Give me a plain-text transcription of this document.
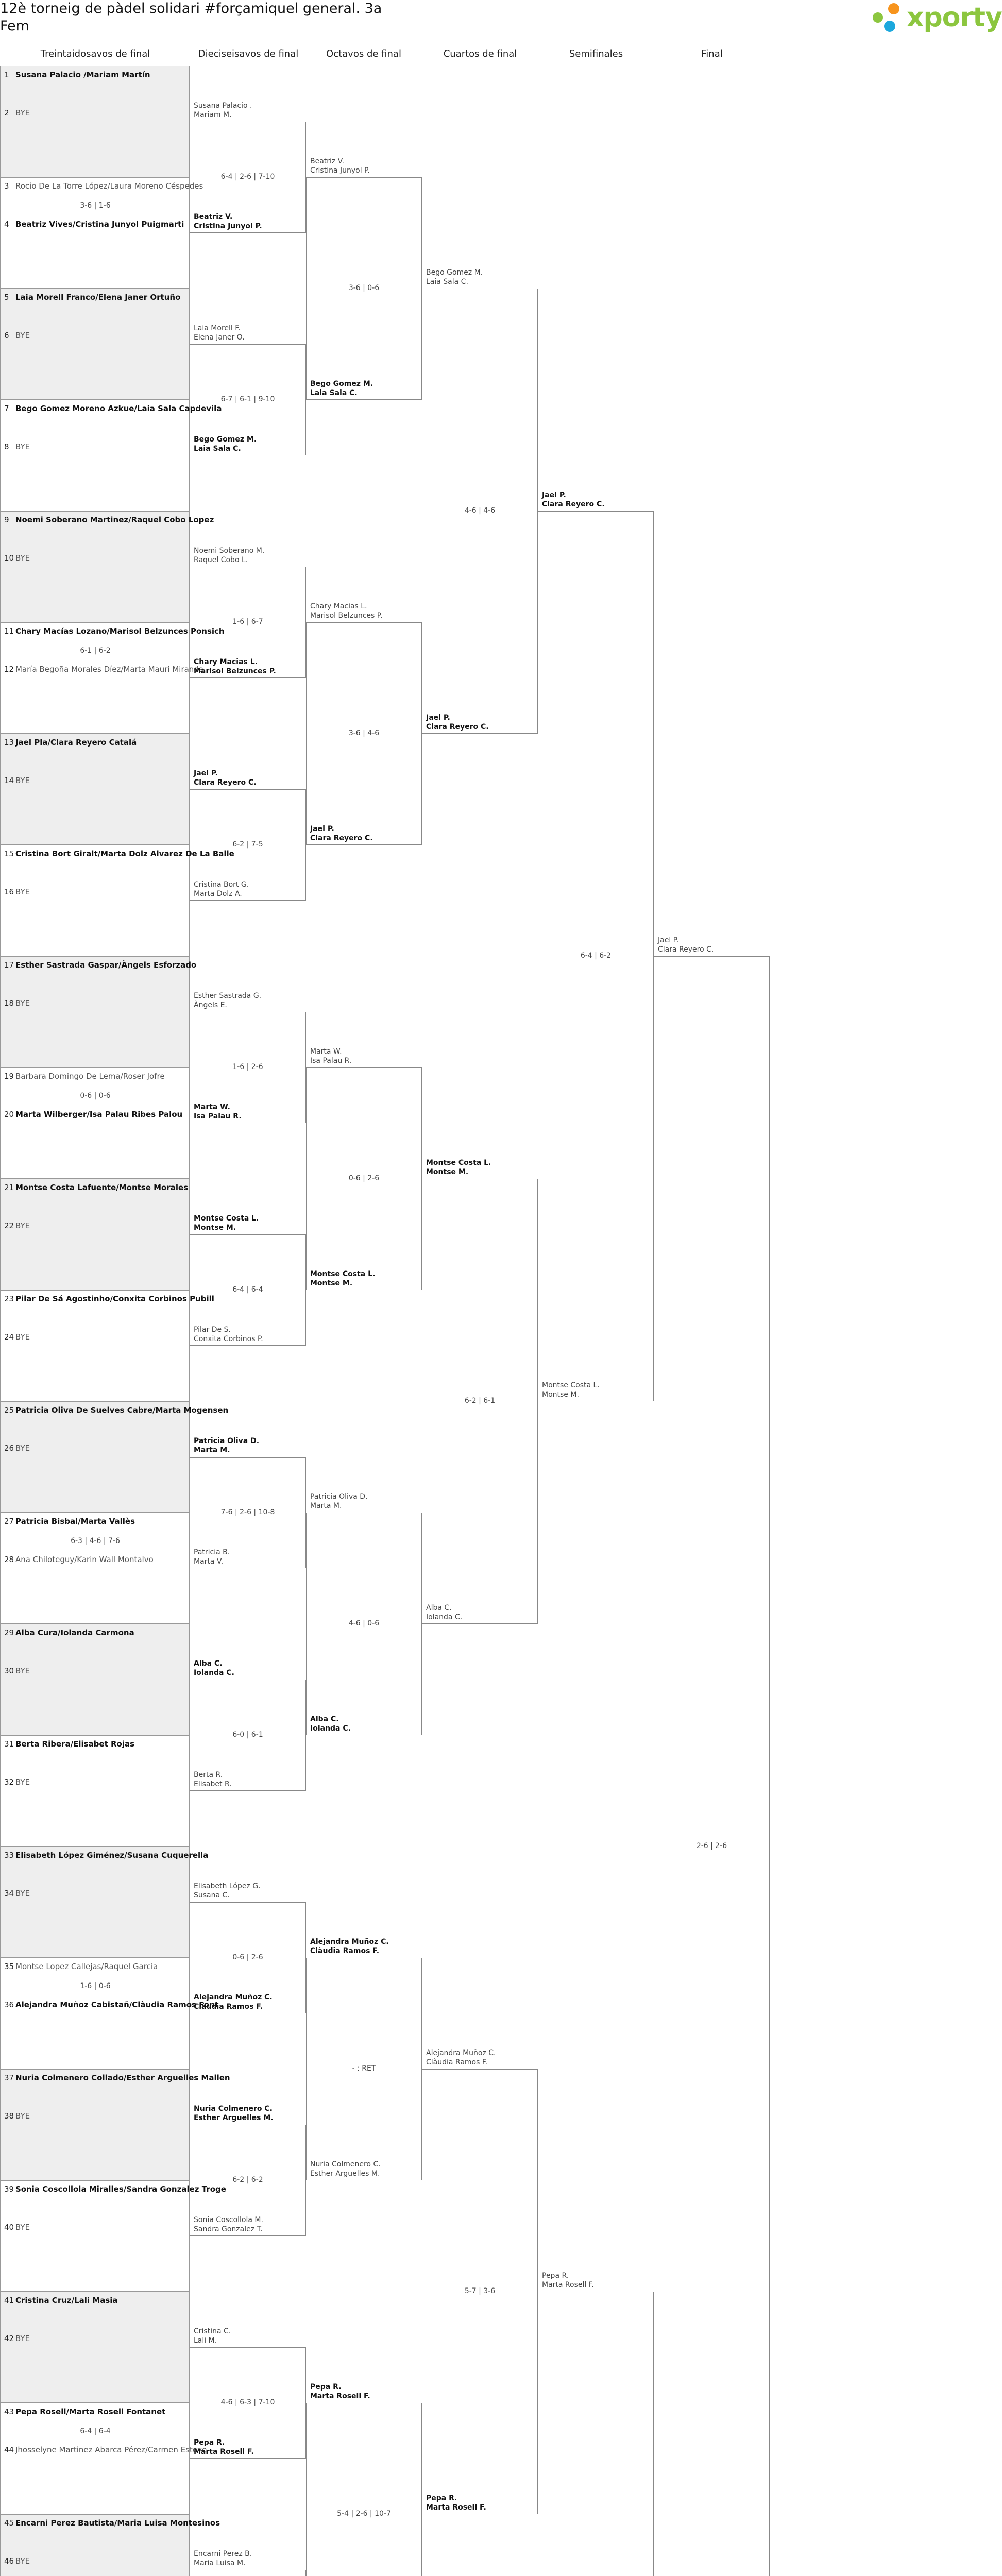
12è torneig de pàdel solidari #forçamiquel general. 3a Fem	xporty
Treintaidosavos de final	Dieciseisavos de final	Octavos de final	Cuartos de final	Semifinales	Final
1 Susana Palacio /Mariam Martín
2 BYE
3 Rocio De La Torre López/Laura Moreno Céspedes
4 Beatriz Vives/Cristina Junyol Puigmarti
3-6 | 1-6
5 Laia Morell Franco/Elena Janer Ortuño
6 BYE
7 Bego Gomez Moreno Azkue/Laia Sala Capdevila
8 BYE
9 Noemi Soberano Martinez/Raquel Cobo Lopez
10 BYE
11 Chary Macías Lozano/Marisol Belzunces Ponsich
12 María Begoña Morales Díez/Marta Mauri Miranda
6-1 | 6-2
13 Jael Pla/Clara Reyero Catalá
14 BYE
15 Cristina Bort Giralt/Marta Dolz Alvarez De La Balle
16 BYE
17 Esther Sastrada Gaspar/Àngels Esforzado
18 BYE
19 Barbara Domingo De Lema/Roser Jofre
20 Marta Wilberger/Isa Palau Ribes Palou
0-6 | 0-6
21 Montse Costa Lafuente/Montse Morales
22 BYE
23 Pilar De Sá Agostinho/Conxita Corbinos Pubill
24 BYE
25 Patricia Oliva De Suelves Cabre/Marta Mogensen
26 BYE
27 Patricia Bisbal/Marta Vallès
28 Ana Chiloteguy/Karin Wall Montalvo
6-3 | 4-6 | 7-6
29 Alba Cura/Iolanda Carmona
30 BYE
31 Berta Ribera/Elisabet Rojas
32 BYE
33 Elisabeth López Giménez/Susana Cuquerella
34 BYE
35 Montse Lopez Callejas/Raquel Garcia
36 Alejandra Muñoz Cabistañ/Clàudia Ramos Font
1-6 | 0-6
37 Nuria Colmenero Collado/Esther Arguelles Mallen
38 BYE
39 Sonia Coscollola Miralles/Sandra Gonzalez Troge
40 BYE
41 Cristina Cruz/Lali Masia
42 BYE
43 Pepa Rosell/Marta Rosell Fontanet
44 Jhosselyne Martinez Abarca Pérez/Carmen Esteve
6-4 | 6-4
45 Encarni Perez Bautista/Maria Luisa Montesinos
46 BYE
Susana Palacio .
Mariam M.
Beatriz V.
Cristina Junyol P.
6-4 | 2-6 | 7-10
Laia Morell F.
Elena Janer O.
Bego Gomez M.
Laia Sala C.
6-7 | 6-1 | 9-10
Noemi Soberano M.
Raquel Cobo L.
Chary Macias L.
Marisol Belzunces P.
1-6 | 6-7
Jael P.
Clara Reyero C.
Cristina Bort G.
Marta Dolz A.
6-2 | 7-5
Esther Sastrada G.
Àngels E.
Marta W.
Isa Palau R.
1-6 | 2-6
Montse Costa L.
Montse M.
Pilar De S.
Conxita Corbinos P.
6-4 | 6-4
Patricia Oliva D.
Marta M.
Patricia B.
Marta V.
7-6 | 2-6 | 10-8
Alba C.
Iolanda C.
Berta R.
Elisabet R.
6-0 | 6-1
Elisabeth López G.
Susana C.
Alejandra Muñoz C.
Clàudia Ramos F.
0-6 | 2-6
Nuria Colmenero C.
Esther Arguelles M.
Sonia Coscollola M.
Sandra Gonzalez T.
6-2 | 6-2
Cristina C.
Lali M.
Pepa R.
Marta Rosell F.
4-6 | 6-3 | 7-10
Encarni Perez B.
Maria Luisa M.
Beatriz V.
Cristina Junyol P.
Bego Gomez M.
Laia Sala C.
3-6 | 0-6
Chary Macias L.
Marisol Belzunces P.
Jael P.
Clara Reyero C.
3-6 | 4-6
Marta W.
Isa Palau R.
Montse Costa L.
Montse M.
0-6 | 2-6
Patricia Oliva D.
Marta M.
Alba C.
Iolanda C.
4-6 | 0-6
Alejandra Muñoz C.
Clàudia Ramos F.
Nuria Colmenero C.
Esther Arguelles M.
- : RET
Pepa R.
Marta Rosell F.
5-4 | 2-6 | 10-7
Bego Gomez M.
Laia Sala C.
Jael P.
Clara Reyero C.
4-6 | 4-6
Montse Costa L.
Montse M.
Alba C.
Iolanda C.
6-2 | 6-1
Alejandra Muñoz C.
Clàudia Ramos F.
Pepa R.
Marta Rosell F.
5-7 | 3-6
Jael P.
Clara Reyero C.
Montse Costa L.
Montse M.
6-4 | 6-2
Pepa R.
Marta Rosell F.
Jael P.
Clara Reyero C.
2-6 | 2-6
